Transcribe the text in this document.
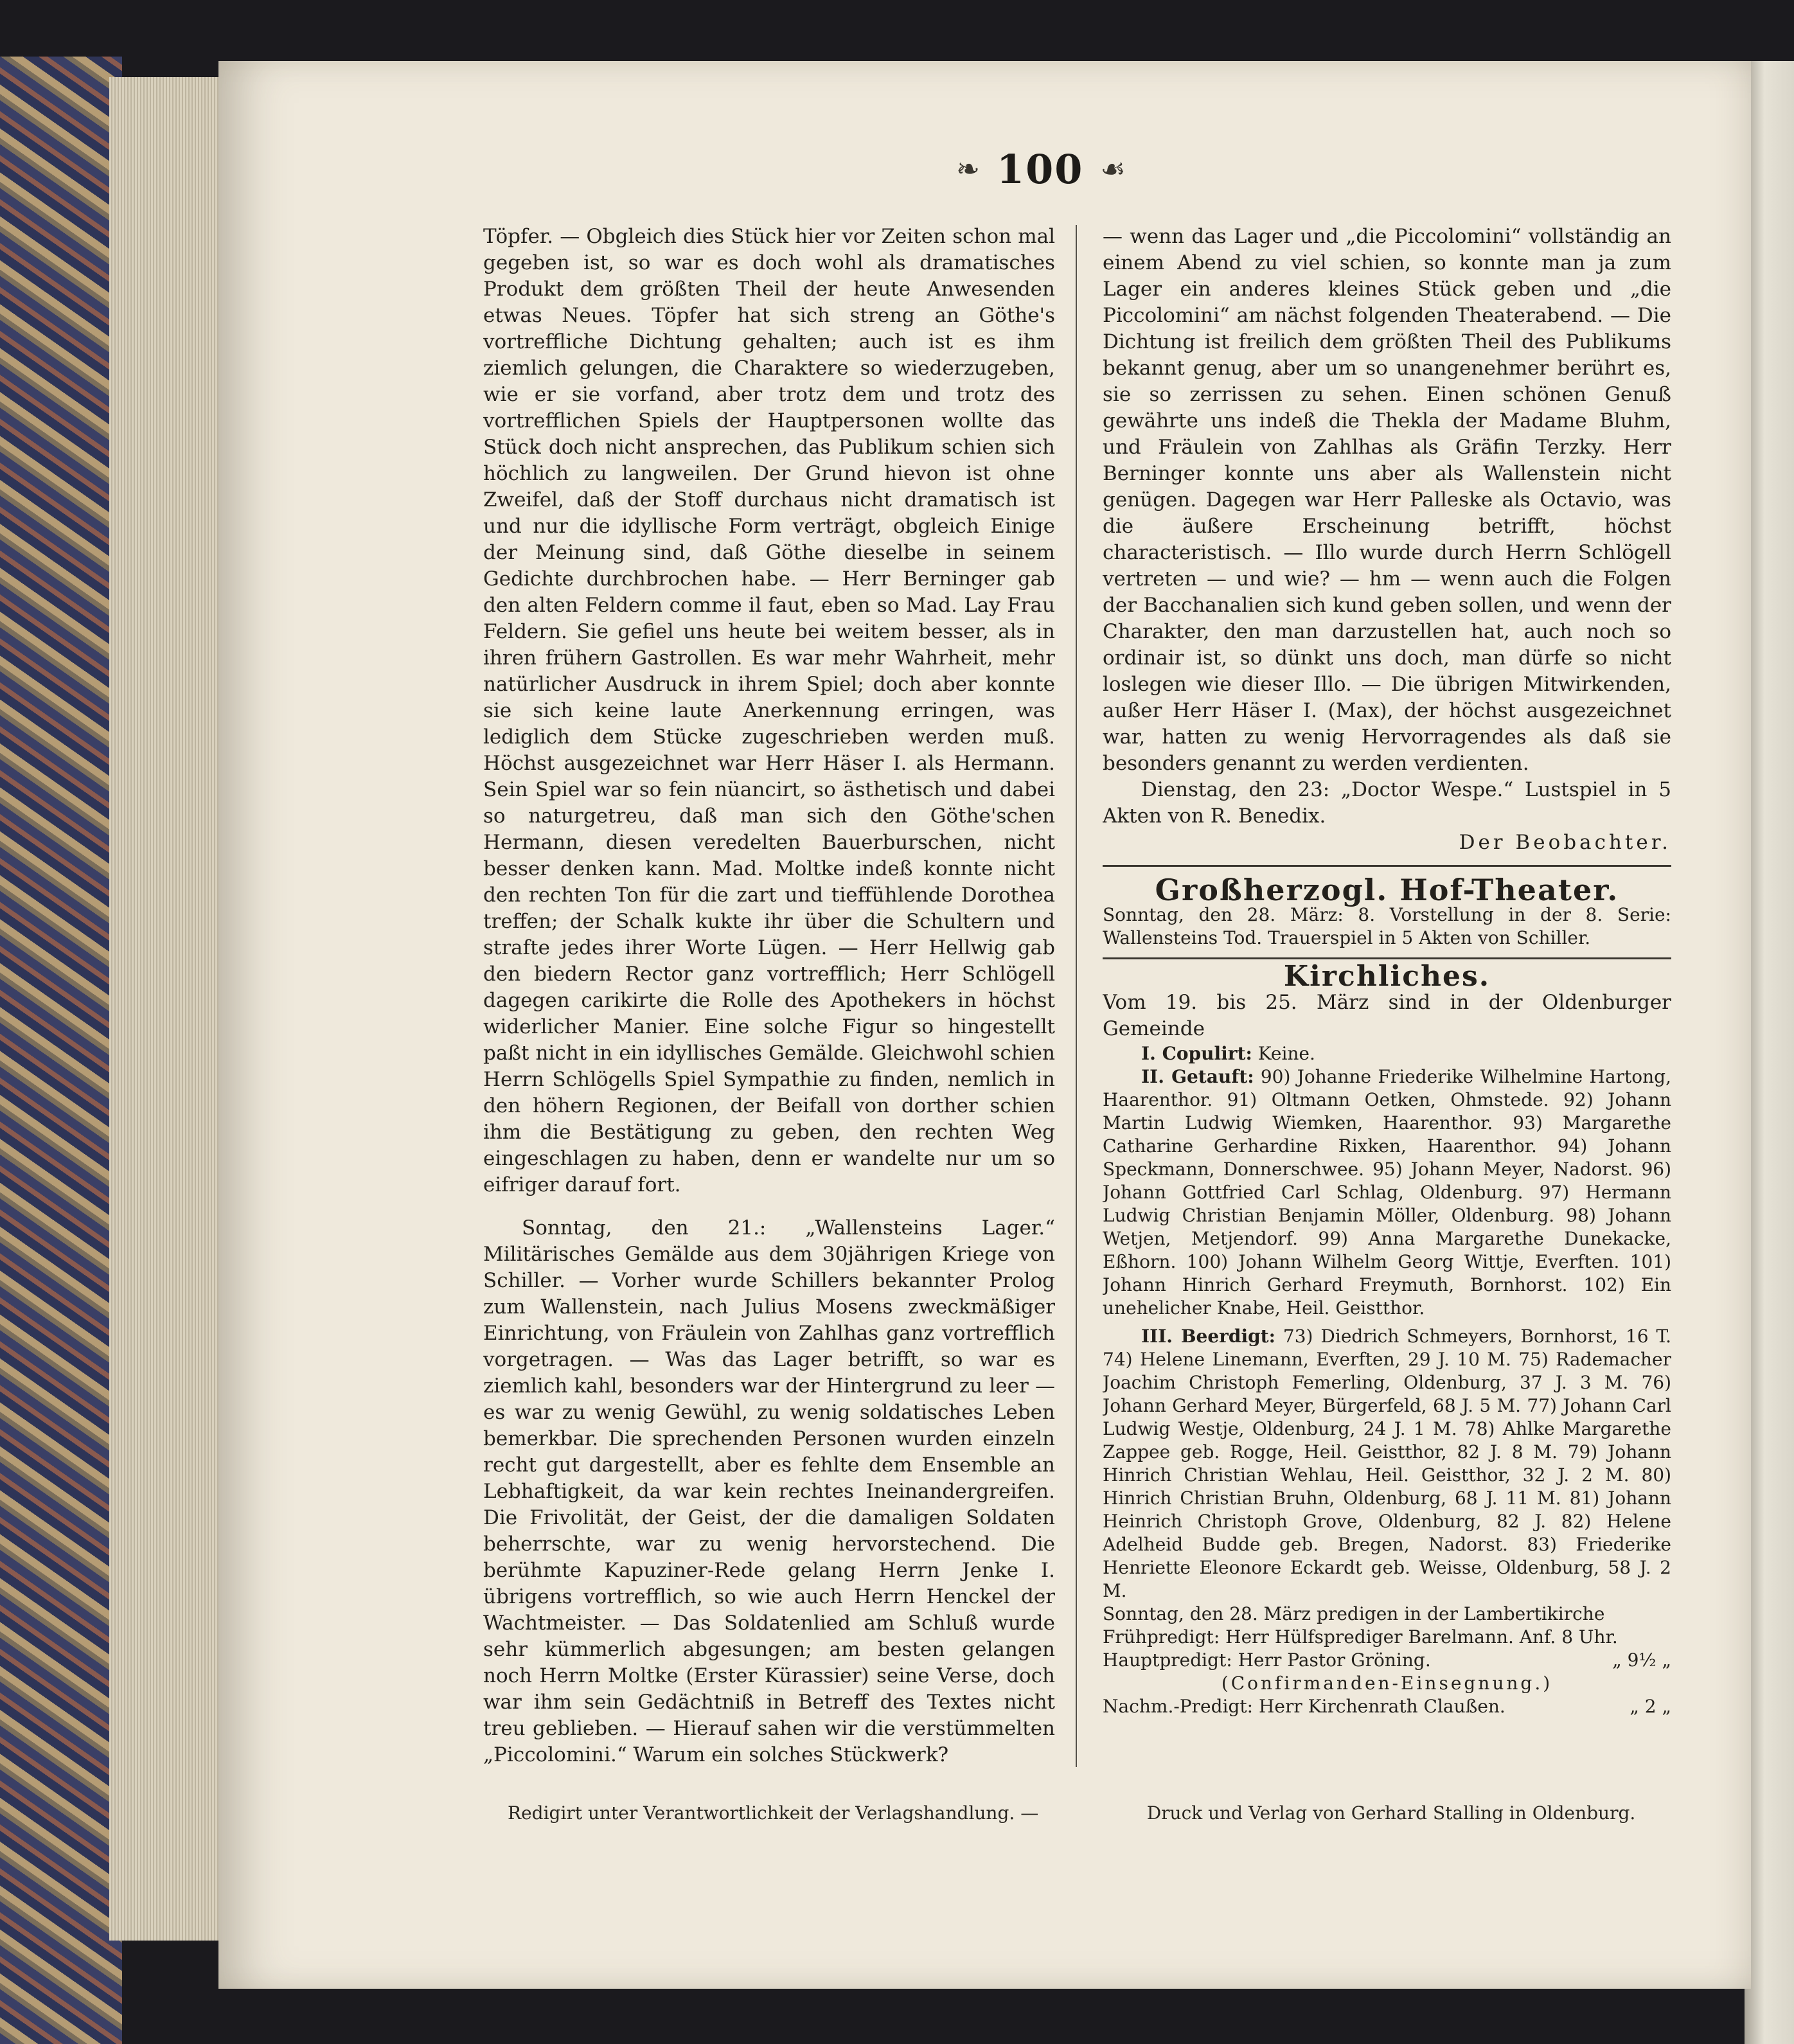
❧ 100 ☙

Töpfer. — Obgleich dies Stück hier vor Zeiten schon mal gegeben ist, so war es doch wohl als dramatisches Produkt dem größten Theil der heute Anwesenden etwas Neues. Töpfer hat sich streng an Göthe's vortreffliche Dichtung gehalten; auch ist es ihm ziemlich gelungen, die Charaktere so wiederzugeben, wie er sie vorfand, aber trotz dem und trotz des vortrefflichen Spiels der Hauptpersonen wollte das Stück doch nicht ansprechen, das Publikum schien sich höchlich zu langweilen. Der Grund hievon ist ohne Zweifel, daß der Stoff durchaus nicht dramatisch ist und nur die idyllische Form verträgt, obgleich Einige der Meinung sind, daß Göthe dieselbe in seinem Gedichte durchbrochen habe. — Herr Berninger gab den alten Feldern comme il faut, eben so Mad. Lay Frau Feldern. Sie gefiel uns heute bei weitem besser, als in ihren frühern Gastrollen. Es war mehr Wahrheit, mehr natürlicher Ausdruck in ihrem Spiel; doch aber konnte sie sich keine laute Anerkennung erringen, was lediglich dem Stücke zugeschrieben werden muß. Höchst ausgezeichnet war Herr Häser I. als Hermann. Sein Spiel war so fein nüancirt, so ästhetisch und dabei so naturgetreu, daß man sich den Göthe'schen Hermann, diesen veredelten Bauerburschen, nicht besser denken kann. Mad. Moltke indeß konnte nicht den rechten Ton für die zart und tieffühlende Dorothea treffen; der Schalk kukte ihr über die Schultern und strafte jedes ihrer Worte Lügen. — Herr Hellwig gab den biedern Rector ganz vortrefflich; Herr Schlögell dagegen carikirte die Rolle des Apothekers in höchst widerlicher Manier. Eine solche Figur so hingestellt paßt nicht in ein idyllisches Gemälde. Gleichwohl schien Herrn Schlögells Spiel Sympathie zu finden, nemlich in den höhern Regionen, der Beifall von dorther schien ihm die Bestätigung zu geben, den rechten Weg eingeschlagen zu haben, denn er wandelte nur um so eifriger darauf fort.

Sonntag, den 21.: „Wallensteins Lager.“ Militärisches Gemälde aus dem 30jährigen Kriege von Schiller. — Vorher wurde Schillers bekannter Prolog zum Wallenstein, nach Julius Mosens zweckmäßiger Einrichtung, von Fräulein von Zahlhas ganz vortrefflich vorgetragen. — Was das Lager betrifft, so war es ziemlich kahl, besonders war der Hintergrund zu leer — es war zu wenig Gewühl, zu wenig soldatisches Leben bemerkbar. Die sprechenden Personen wurden einzeln recht gut dargestellt, aber es fehlte dem Ensemble an Lebhaftigkeit, da war kein rechtes Ineinandergreifen. Die Frivolität, der Geist, der die damaligen Soldaten beherrschte, war zu wenig hervorstechend. Die berühmte Kapuziner-Rede gelang Herrn Jenke I. übrigens vortrefflich, so wie auch Herrn Henckel der Wachtmeister. — Das Soldatenlied am Schluß wurde sehr kümmerlich abgesungen; am besten gelangen noch Herrn Moltke (Erster Kürassier) seine Verse, doch war ihm sein Gedächtniß in Betreff des Textes nicht treu geblieben. — Hierauf sahen wir die verstümmelten „Piccolomini.“ Warum ein solches Stückwerk?

— wenn das Lager und „die Piccolomini“ vollständig an einem Abend zu viel schien, so konnte man ja zum Lager ein anderes kleines Stück geben und „die Piccolomini“ am nächst folgenden Theaterabend. — Die Dichtung ist freilich dem größten Theil des Publikums bekannt genug, aber um so unangenehmer berührt es, sie so zerrissen zu sehen. Einen schönen Genuß gewährte uns indeß die Thekla der Madame Bluhm, und Fräulein von Zahlhas als Gräfin Terzky. Herr Berninger konnte uns aber als Wallenstein nicht genügen. Dagegen war Herr Palleske als Octavio, was die äußere Erscheinung betrifft, höchst characteristisch. — Illo wurde durch Herrn Schlögell vertreten — und wie? — hm — wenn auch die Folgen der Bacchanalien sich kund geben sollen, und wenn der Charakter, den man darzustellen hat, auch noch so ordinair ist, so dünkt uns doch, man dürfe so nicht loslegen wie dieser Illo. — Die übrigen Mitwirkenden, außer Herr Häser I. (Max), der höchst ausgezeichnet war, hatten zu wenig Hervorragendes als daß sie besonders genannt zu werden verdienten.

Dienstag, den 23: „Doctor Wespe.“ Lustspiel in 5 Akten von R. Benedix.

Der Beobachter.

Großherzogl. Hof-Theater.

Sonntag, den 28. März: 8. Vorstellung in der 8. Serie: Wallensteins Tod. Trauerspiel in 5 Akten von Schiller.

Kirchliches.

Vom 19. bis 25. März sind in der Oldenburger Gemeinde

I. Copulirt: Keine.

II. Getauft: 90) Johanne Friederike Wilhelmine Hartong, Haarenthor. 91) Oltmann Oetken, Ohmstede. 92) Johann Martin Ludwig Wiemken, Haarenthor. 93) Margarethe Catharine Gerhardine Rixken, Haarenthor. 94) Johann Speckmann, Donnerschwee. 95) Johann Meyer, Nadorst. 96) Johann Gottfried Carl Schlag, Oldenburg. 97) Hermann Ludwig Christian Benjamin Möller, Oldenburg. 98) Johann Wetjen, Metjendorf. 99) Anna Margarethe Dunekacke, Eßhorn. 100) Johann Wilhelm Georg Wittje, Everften. 101) Johann Hinrich Gerhard Freymuth, Bornhorst. 102) Ein unehelicher Knabe, Heil. Geistthor.

III. Beerdigt: 73) Diedrich Schmeyers, Bornhorst, 16 T. 74) Helene Linemann, Everften, 29 J. 10 M. 75) Rademacher Joachim Christoph Femerling, Oldenburg, 37 J. 3 M. 76) Johann Gerhard Meyer, Bürgerfeld, 68 J. 5 M. 77) Johann Carl Ludwig Westje, Oldenburg, 24 J. 1 M. 78) Ahlke Margarethe Zappee geb. Rogge, Heil. Geistthor, 82 J. 8 M. 79) Johann Hinrich Christian Wehlau, Heil. Geistthor, 32 J. 2 M. 80) Hinrich Christian Bruhn, Oldenburg, 68 J. 11 M. 81) Johann Heinrich Christoph Grove, Oldenburg, 82 J. 82) Helene Adelheid Budde geb. Bregen, Nadorst. 83) Friederike Henriette Eleonore Eckardt geb. Weisse, Oldenburg, 58 J. 2 M.

Sonntag, den 28. März predigen in der Lambertikirche

Frühpredigt: Herr Hülfsprediger Barelmann. Anf. 8 Uhr.

Hauptpredigt: Herr Pastor Gröning.	„ 9½ „

(Confirmanden-Einsegnung.)

Nachm.-Predigt: Herr Kirchenrath Claußen.	„ 2 „
Redigirt unter Verantwortlichkeit der Verlagshandlung. —	Druck und Verlag von Gerhard Stalling in Oldenburg.
